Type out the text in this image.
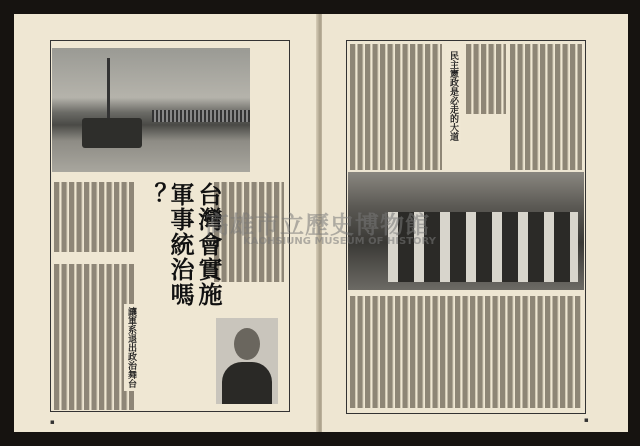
台灣會實施
軍事統治嗎
？
讓軍系退出政治舞台
▪
民主憲政是必走的大道
▪
高雄市立歷史博物館
KAOHSIUNG MUSEUM OF HISTORY
